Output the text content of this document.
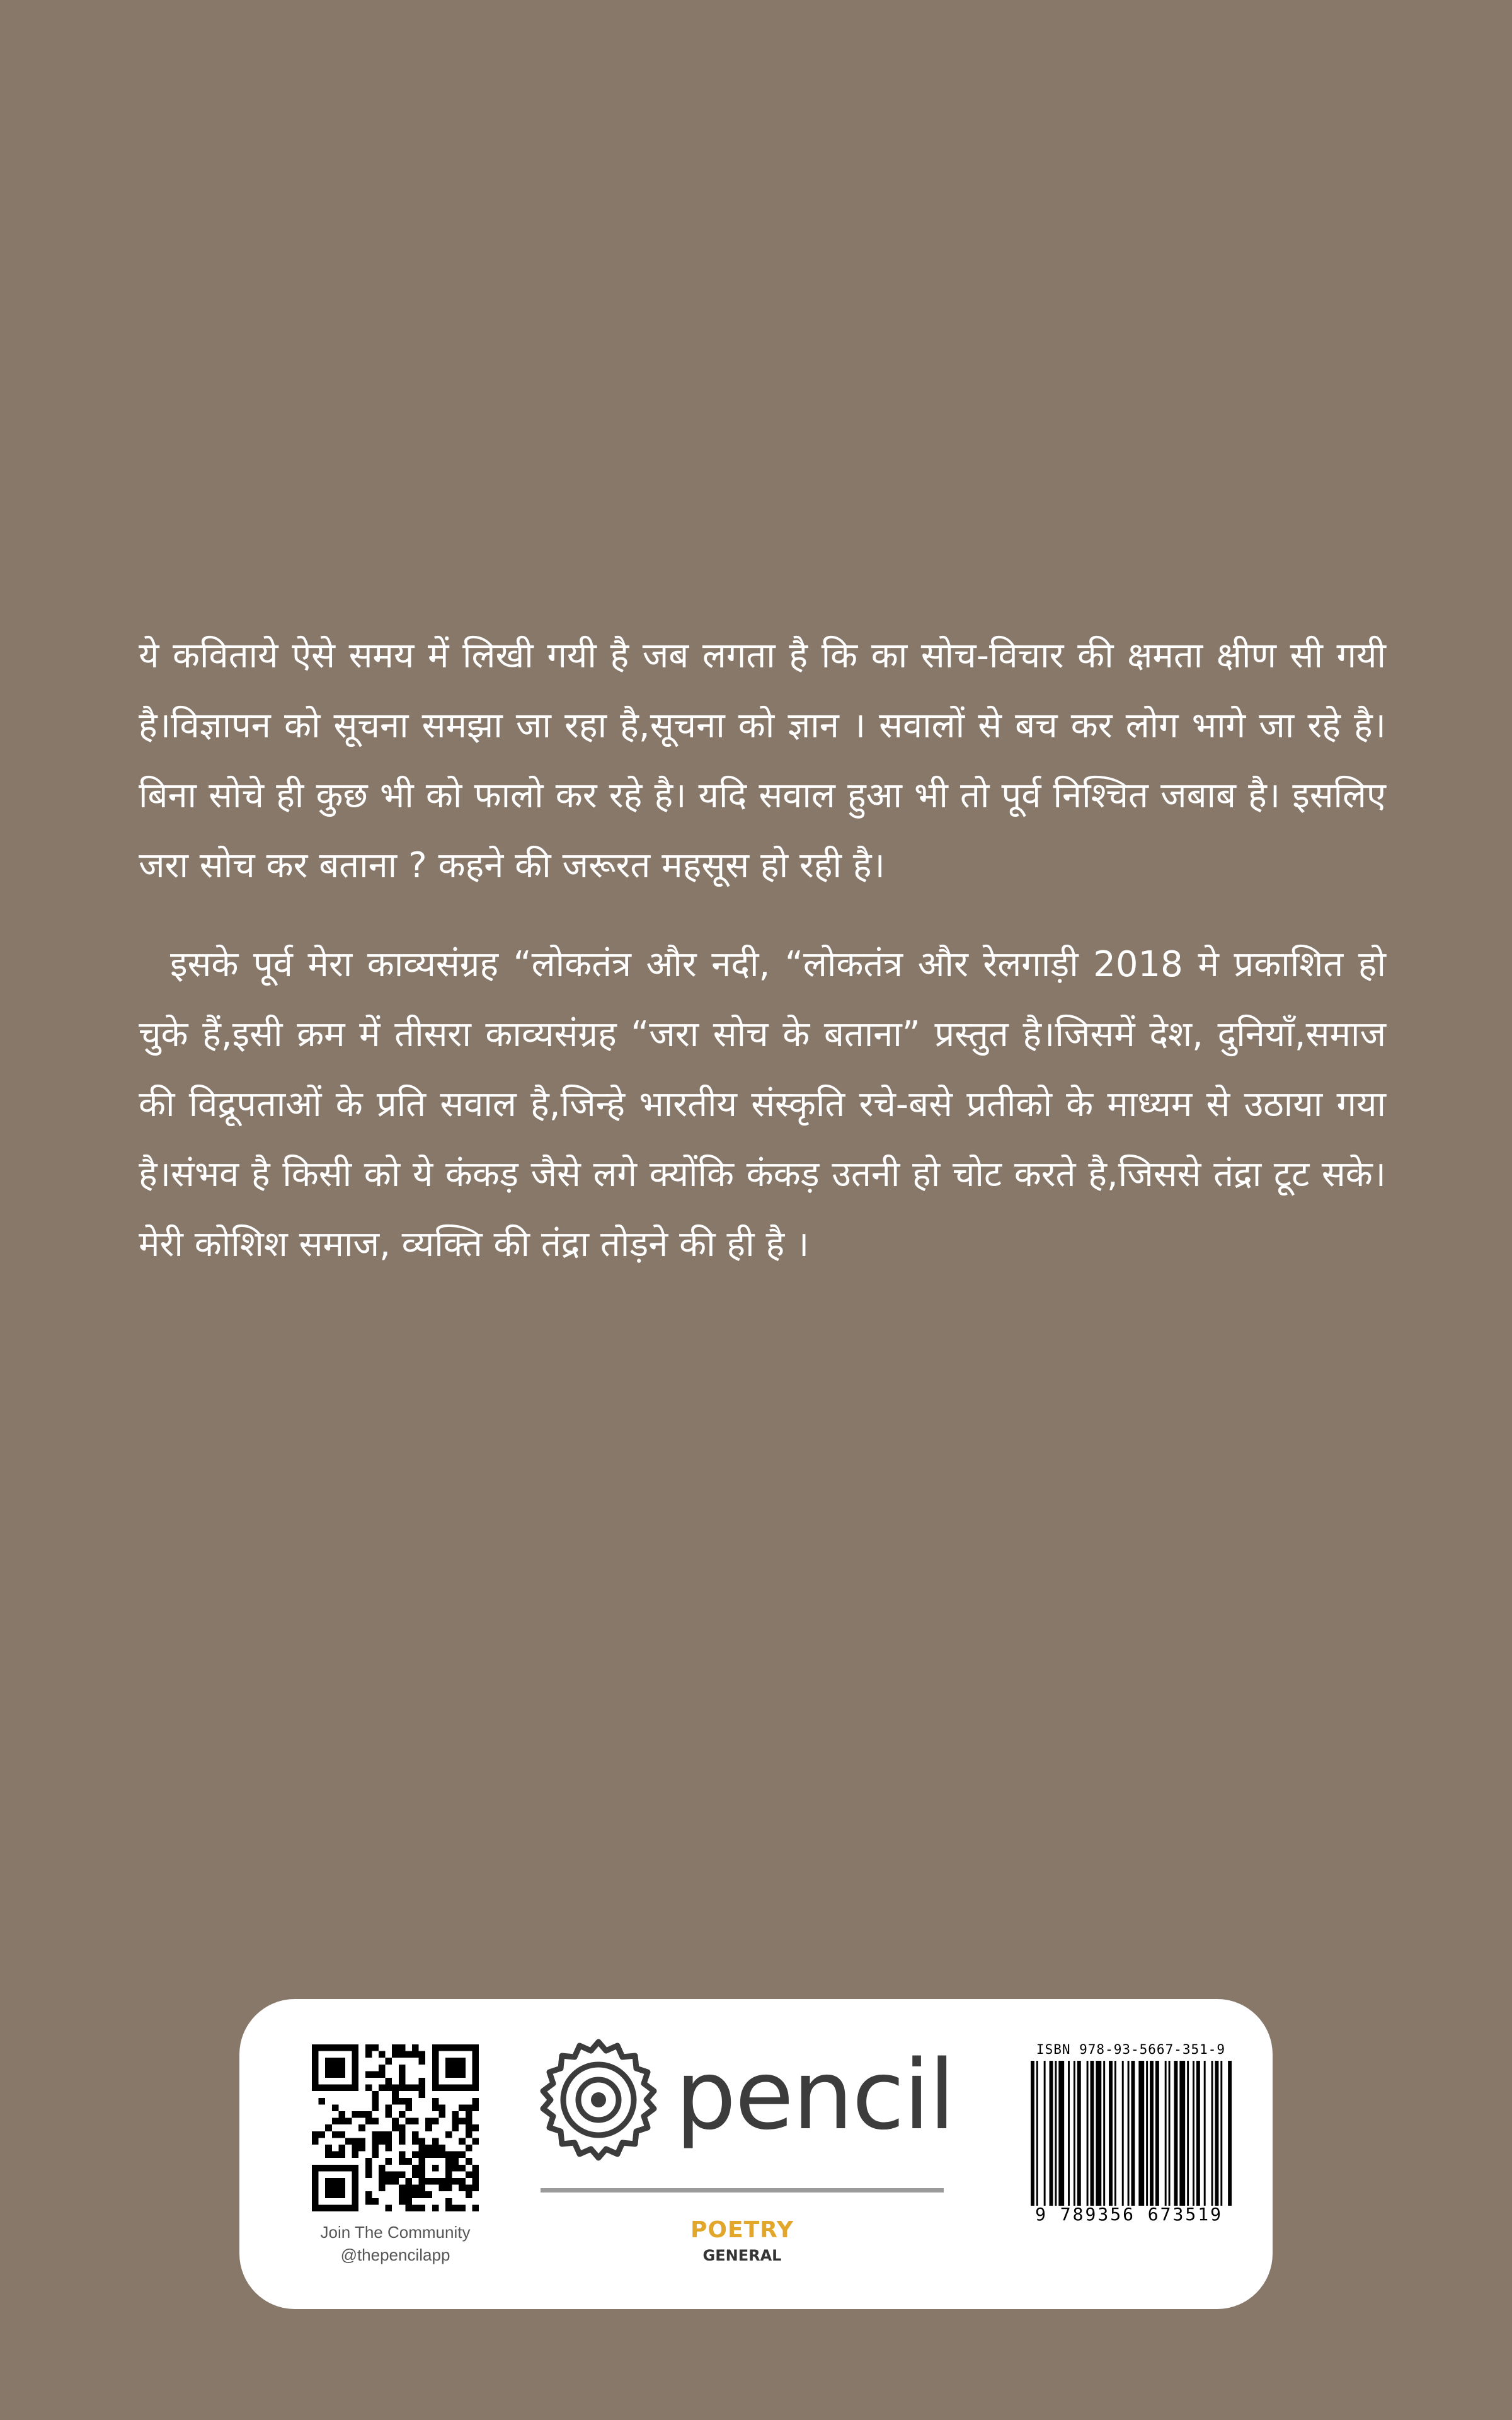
ये कविताये ऐसे समय में लिखी गयी है जब लगता है कि का सोच-विचार की क्षमता क्षीण सी गयी है।विज्ञापन को सूचना समझा जा रहा है,सूचना को ज्ञान । सवालों से बच कर लोग भागे जा रहे है।बिना सोचे ही कुछ भी को फालो कर रहे है। यदि सवाल हुआ भी तो पूर्व निश्चित जबाब है। इसलिए जरा सोच कर बताना ? कहने की जरूरत महसूस हो रही है।

इसके पूर्व मेरा काव्यसंग्रह “लोकतंत्र और नदी, “लोकतंत्र और रेलगाड़ी 2018 मे प्रकाशित हो चुके हैं,इसी क्रम में तीसरा काव्यसंग्रह “जरा सोच के बताना” प्रस्तुत है।जिसमें देश, दुनियाँ,समाज की विद्रूपताओं के प्रति सवाल है,जिन्हे भारतीय संस्कृति रचे-बसे प्रतीको के माध्यम से उठाया गया है।संभव है किसी को ये कंकड़ जैसे लगे क्योंकि कंकड़ उतनी हो चोट करते है,जिससे तंद्रा टूट सके। मेरी कोशिश समाज, व्यक्ति की तंद्रा तोड़ने की ही है ।

Join The Community
@thepencilapp
pencil
POETRY
GENERAL
ISBN 978-93-5667-351-9
9 789356 673519
